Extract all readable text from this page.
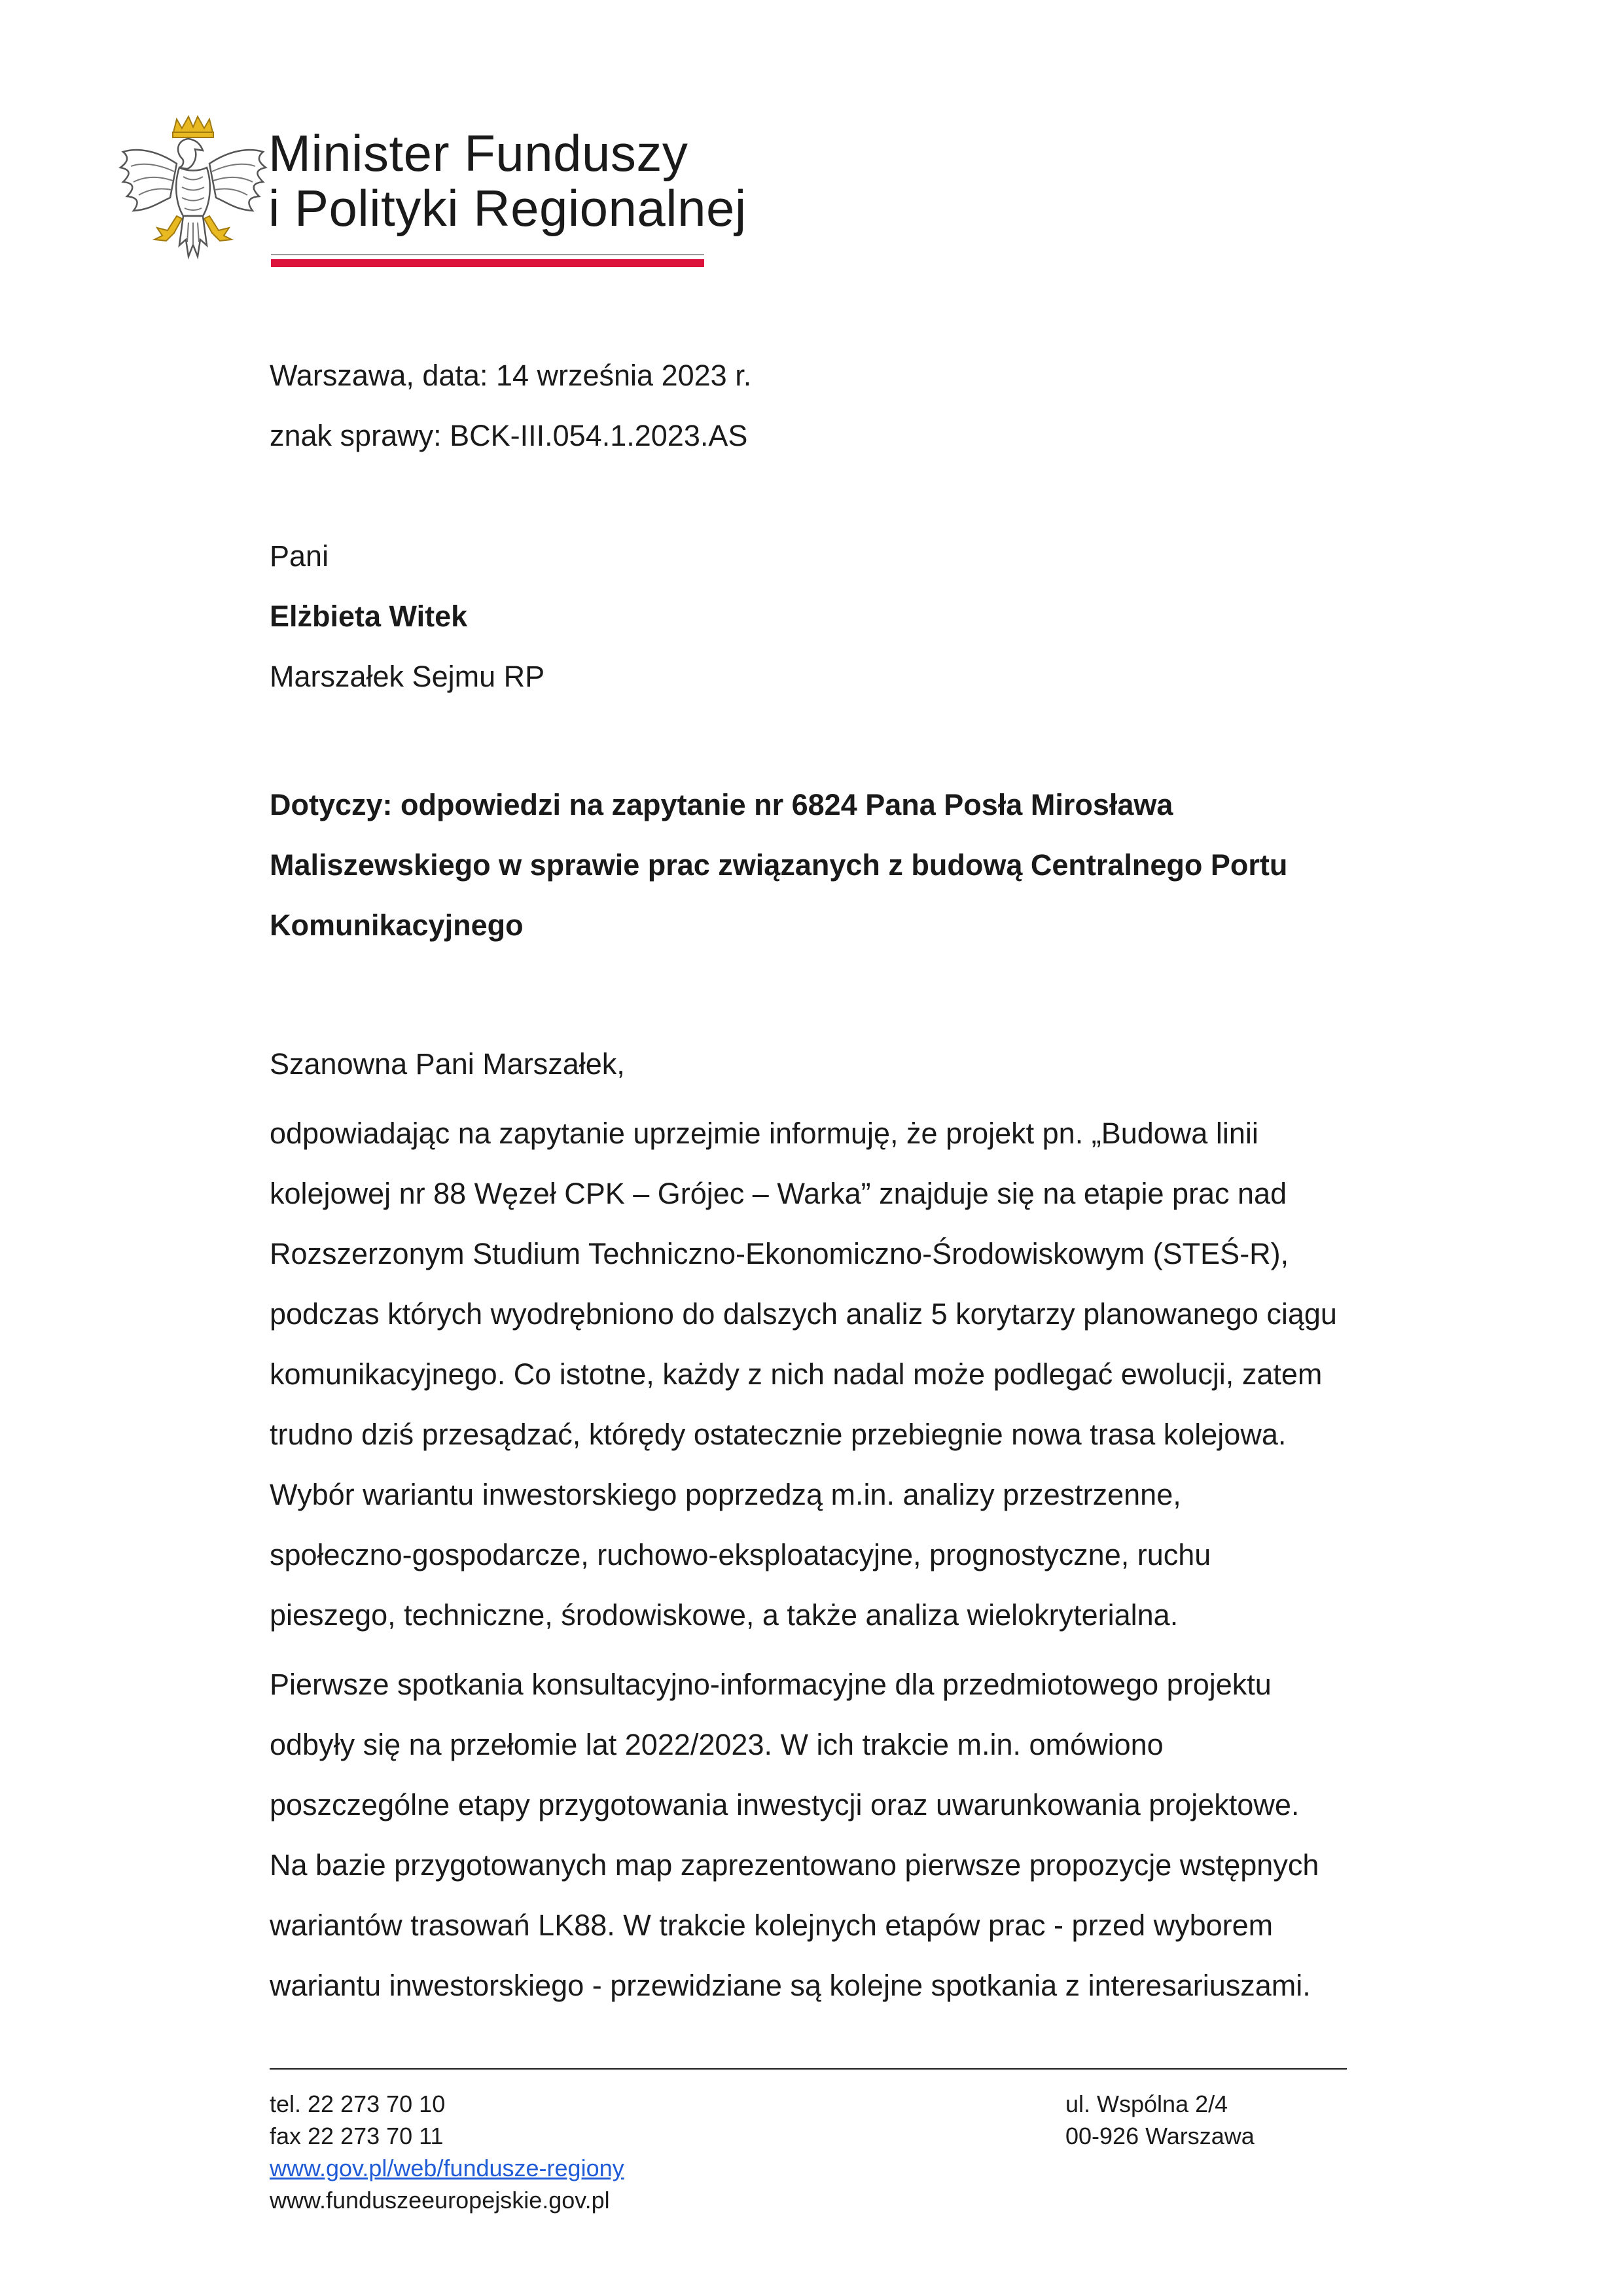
Minister Funduszy
i Polityki Regionalnej
Warszawa, data: 14 września 2023 r.
znak sprawy: BCK-III.054.1.2023.AS
Pani
Elżbieta Witek
Marszałek Sejmu RP
Dotyczy: odpowiedzi na zapytanie nr 6824 Pana Posła Mirosława
Maliszewskiego w sprawie prac związanych z budową Centralnego Portu
Komunikacyjnego
Szanowna Pani Marszałek,
odpowiadając na zapytanie uprzejmie informuję, że projekt pn. „Budowa linii
kolejowej nr 88 Węzeł CPK – Grójec – Warka” znajduje się na etapie prac nad
Rozszerzonym Studium Techniczno-Ekonomiczno-Środowiskowym (STEŚ-R),
podczas których wyodrębniono do dalszych analiz 5 korytarzy planowanego ciągu
komunikacyjnego. Co istotne, każdy z nich nadal może podlegać ewolucji, zatem
trudno dziś przesądzać, którędy ostatecznie przebiegnie nowa trasa kolejowa.
Wybór wariantu inwestorskiego poprzedzą m.in. analizy przestrzenne,
społeczno-gospodarcze, ruchowo-eksploatacyjne, prognostyczne, ruchu
pieszego, techniczne, środowiskowe, a także analiza wielokryterialna.
Pierwsze spotkania konsultacyjno-informacyjne dla przedmiotowego projektu
odbyły się na przełomie lat 2022/2023. W ich trakcie m.in. omówiono
poszczególne etapy przygotowania inwestycji oraz uwarunkowania projektowe.
Na bazie przygotowanych map zaprezentowano pierwsze propozycje wstępnych
wariantów trasowań LK88. W trakcie kolejnych etapów prac - przed wyborem
wariantu inwestorskiego - przewidziane są kolejne spotkania z interesariuszami.
tel. 22 273 70 10
fax 22 273 70 11
www.gov.pl/web/fundusze-regiony
www.funduszeeuropejskie.gov.pl
ul. Wspólna 2/4
00-926 Warszawa
